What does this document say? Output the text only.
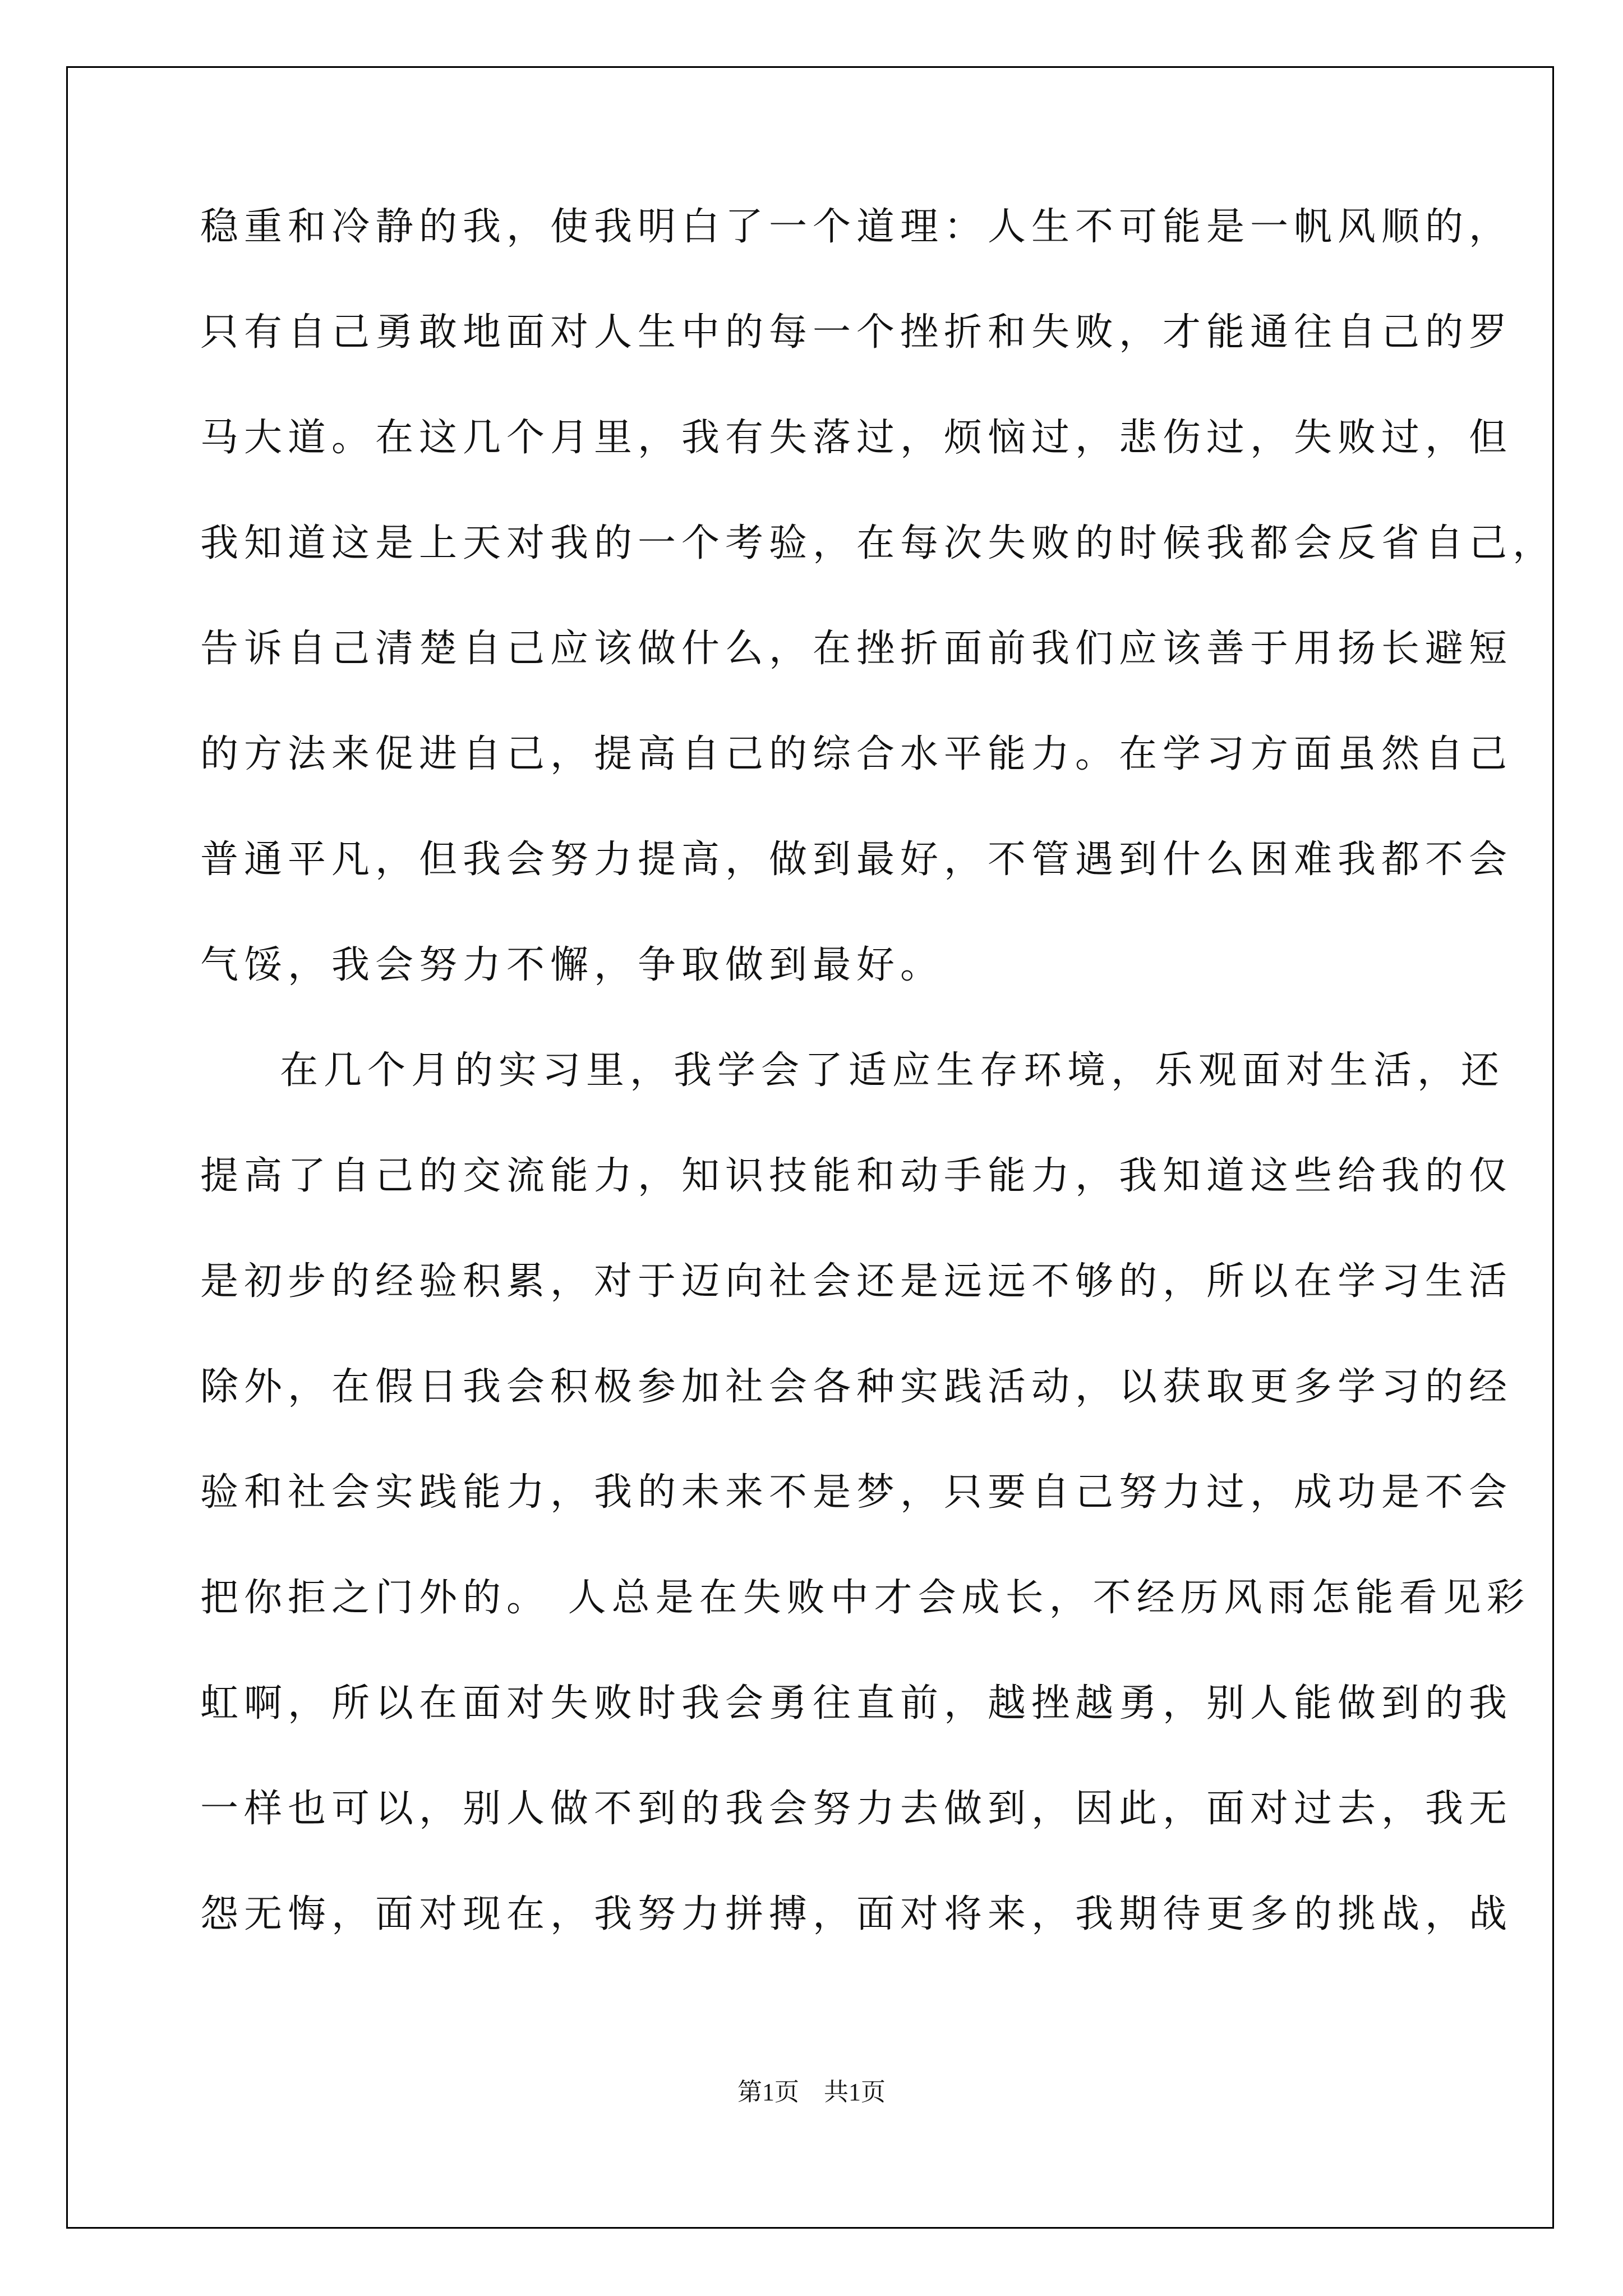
稳重和冷静的我，使我明白了一个道理：人生不可能是一帆风顺的，
只有自己勇敢地面对人生中的每一个挫折和失败，才能通往自己的罗
马大道。在这几个月里，我有失落过，烦恼过，悲伤过，失败过，但
我知道这是上天对我的一个考验，在每次失败的时候我都会反省自己，
告诉自己清楚自己应该做什么，在挫折面前我们应该善于用扬长避短
的方法来促进自己，提高自己的综合水平能力。在学习方面虽然自己
普通平凡，但我会努力提高，做到最好，不管遇到什么困难我都不会
气馁，我会努力不懈，争取做到最好。
在几个月的实习里，我学会了适应生存环境，乐观面对生活，还
提高了自己的交流能力，知识技能和动手能力，我知道这些给我的仅
是初步的经验积累，对于迈向社会还是远远不够的，所以在学习生活
除外，在假日我会积极参加社会各种实践活动，以获取更多学习的经
验和社会实践能力，我的未来不是梦，只要自己努力过，成功是不会
把你拒之门外的。 人总是在失败中才会成长，不经历风雨怎能看见彩
虹啊，所以在面对失败时我会勇往直前，越挫越勇，别人能做到的我
一样也可以，别人做不到的我会努力去做到，因此，面对过去，我无
怨无悔，面对现在，我努力拼搏，面对将来，我期待更多的挑战，战
第1页　共1页
